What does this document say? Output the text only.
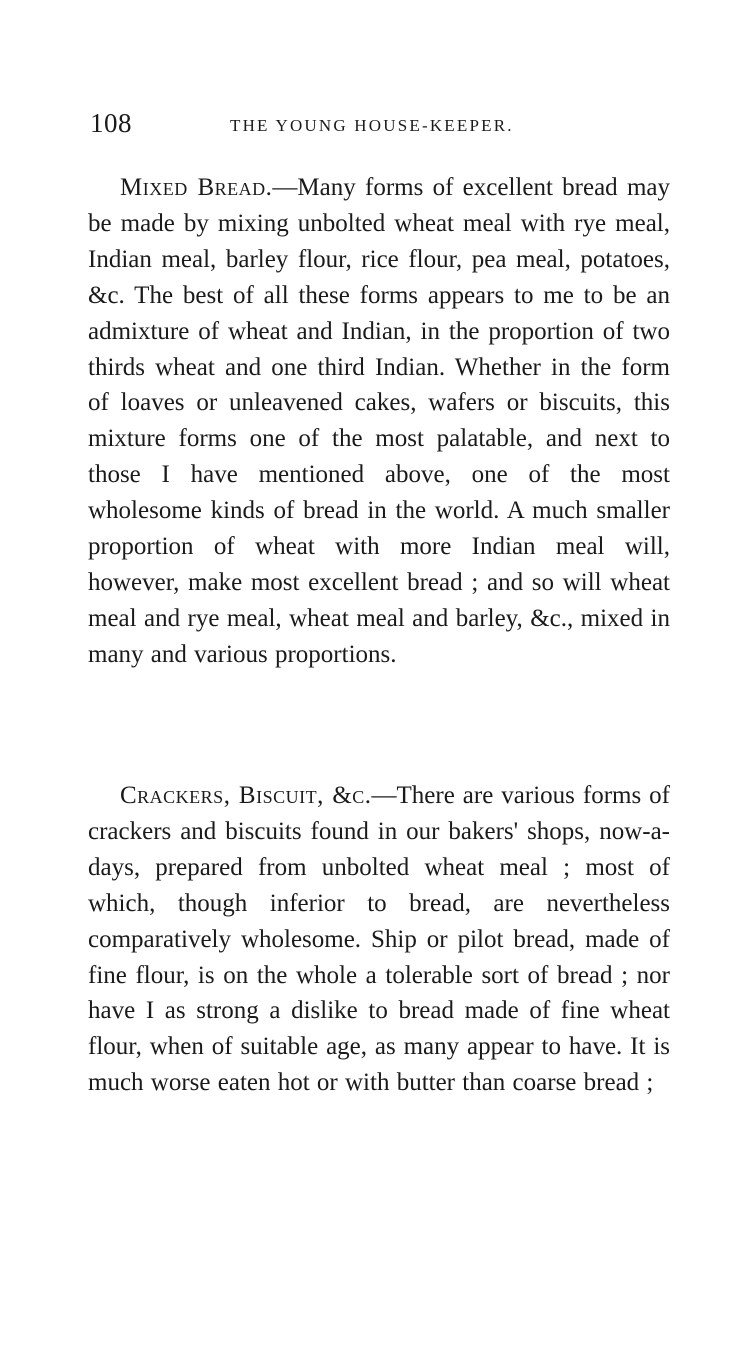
108	THE YOUNG HOUSE-KEEPER.

Mixed Bread.—Many forms of excellent bread may be made by mixing unbolted wheat meal with rye meal, Indian meal, barley flour, rice flour, pea meal, potatoes, &c. The best of all these forms appears to me to be an admixture of wheat and Indian, in the proportion of two thirds wheat and one third Indian. Whether in the form of loaves or unleavened cakes, wafers or biscuits, this mixture forms one of the most palatable, and next to those I have mentioned above, one of the most wholesome kinds of bread in the world. A much smaller proportion of wheat with more Indian meal will, however, make most excellent bread ; and so will wheat meal and rye meal, wheat meal and barley, &c., mixed in many and various proportions.

Crackers, Biscuit, &c.—There are various forms of crackers and biscuits found in our bakers' shops, now-a-days, prepared from unbolted wheat meal ; most of which, though inferior to bread, are nevertheless comparatively wholesome. Ship or pilot bread, made of fine flour, is on the whole a tolerable sort of bread ; nor have I as strong a dislike to bread made of fine wheat flour, when of suitable age, as many appear to have. It is much worse eaten hot or with butter than coarse bread ;
